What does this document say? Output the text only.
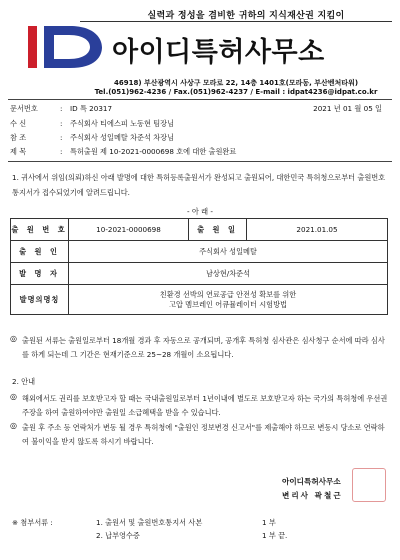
실력과 정성을 겸비한 귀하의 지식재산권 지킴이
아이디특허사무소
46918) 부산광역시 사상구 모라로 22, 14층 1401호(모라동, 부산벤처타워)
Tel.(051)962-4236 / Fax.(051)962-4237 / E-mail : idpat4236@idpat.co.kr
문서번호	: ID 특 20317	2021 년 01 월 05 일
수 신	: 주식회사 티에스피 노동현 팀장님
참 조	: 주식회사 성일메탈 차준석 차장님
제 목	: 특허출원 제 10-2021-0000698 호에 대한 출원완료
1. 귀사에서 위임(의뢰)하신 아래 발명에 대한 특허등록출원서가 완성되고 출원되어, 대한민국 특허청으로부터 출원번호 통지서가 접수되었기에 알려드립니다.
- 아 래 -
출 원 번 호	10-2021-0000698	출 원 일	2021.01.05
출 원 인	주식회사 성일메탈		
발 명 자	남상현/차준석		
발명의명칭	친환경 선박의 연료공급 안전성 확보를 위한
고압 멤브레인 어큐뮬레이터 시험방법		
◎ 출원된 서류는 출원일로부터 18개월 경과 후 자동으로 공개되며, 공개후 특허청 심사관은 심사청구 순서에 따라 심사를 하게 되는데 그 기간은 현재기준으로 25~28 개월이 소요됩니다.
2. 안내
◎ 해외에서도 권리를 보호받고자 할 때는 국내출원일로부터 1년이내에 별도로 보호받고자 하는 국가의 특허청에 우선권주장을 하여 출원하여야만 출원일 소급혜택을 받을 수 있습니다.
◎ 출원 후 주소 등 연락처가 변동 될 경우 특허청에 "출원인 정보변경 신고서"를 제출해야 하므로 변동시 당소로 연락하여 불이익을 받지 않도록 하시기 바랍니다.
아이디특허사무소
변리사 곽철근
※ 첨부서류 :	1. 출원서 및 출원번호통지서 사본	1 부
2. 납부영수증	1 부 끝.
